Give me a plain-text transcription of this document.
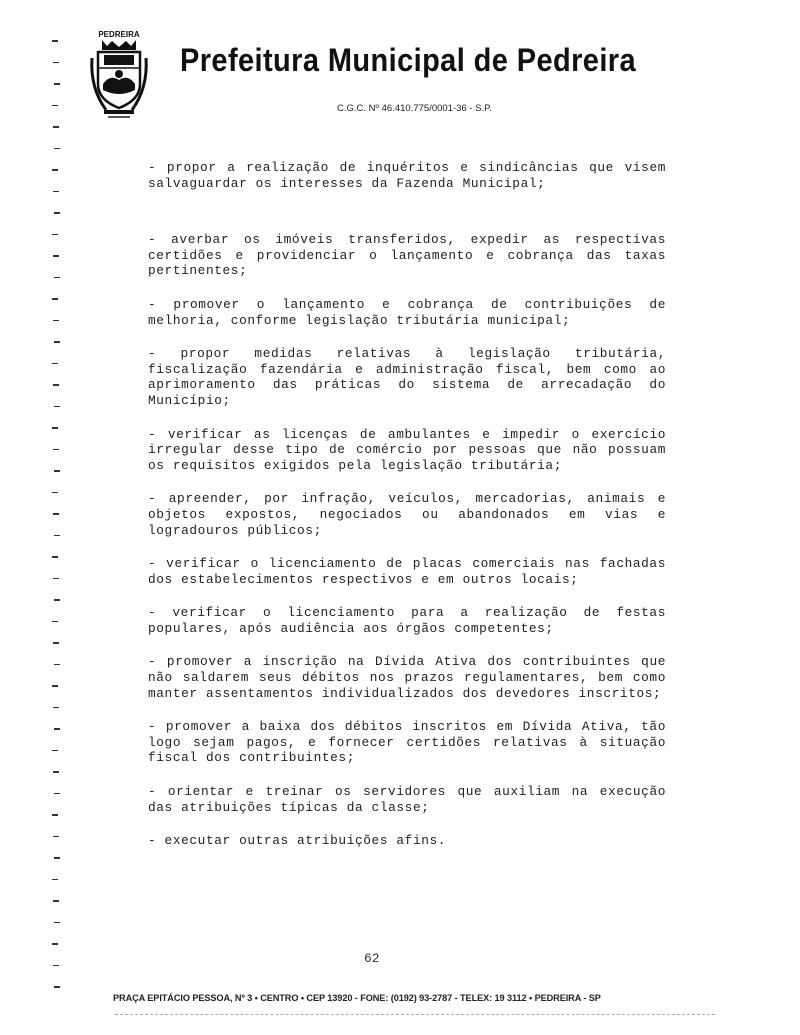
PEDREIRA
Prefeitura Municipal de Pedreira
C.G.C. Nº 46.410.775/0001-36 - S.P.

- propor a realização de inquéritos e sindicâncias que visem salvaguardar os interesses da Fazenda Municipal;

- averbar os imóveis transferidos, expedir as respectivas certidões e providenciar o lançamento e cobrança das taxas pertinentes;

- promover o lançamento e cobrança de contribuições de melhoria, conforme legislação tributária municipal;

- propor medidas relativas à legislação tributária, fiscalização fazendária e administração fiscal, bem como ao aprimoramento das práticas do sistema de arrecadação do Município;

- verificar as licenças de ambulantes e impedir o exercício irregular desse tipo de comércio por pessoas que não possuam os requisitos exigidos pela legislação tributária;

- apreender, por infração, veículos, mercadorias, animais e objetos expostos, negociados ou abandonados em vias e logradouros públicos;

- verificar o licenciamento de placas comerciais nas fachadas dos estabelecimentos respectivos e em outros locais;

- verificar o licenciamento para a realização de festas populares, após audiência aos órgãos competentes;

- promover a inscrição na Dívida Ativa dos contribuintes que não saldarem seus débitos nos prazos regulamentares, bem como manter assentamentos individualizados dos devedores inscritos;

- promover a baixa dos débitos inscritos em Dívida Ativa, tão logo sejam pagos, e fornecer certidões relativas à situação fiscal dos contribuintes;

- orientar e treinar os servidores que auxiliam na execução das atribuições típicas da classe;

- executar outras atribuições afins.

62
PRAÇA EPITÁCIO PESSOA, Nº 3 • CENTRO • CEP 13920 - FONE: (0192) 93-2787 - TELEX: 19 3112 • PEDREIRA - SP
